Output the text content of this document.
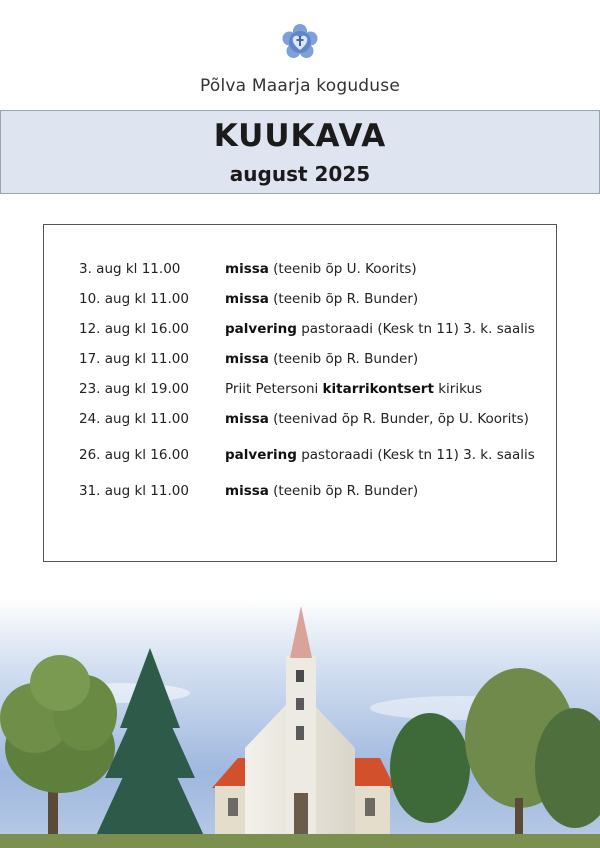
Põlva Maarja koguduse
KUUKAVA
august 2025
3. aug kl 11.00	missa (teenib õp U. Koorits)
10. aug kl 11.00	missa (teenib õp R. Bunder)
12. aug kl 16.00	palvering pastoraadi (Kesk tn 11) 3. k. saalis
17. aug kl 11.00	missa (teenib õp R. Bunder)
23. aug kl 19.00	Priit Petersoni kitarrikontsert kirikus
24. aug kl 11.00	missa (teenivad õp R. Bunder, õp U. Koorits)
26. aug kl 16.00	palvering pastoraadi (Kesk tn 11) 3. k. saalis
31. aug kl 11.00	missa (teenib õp R. Bunder)
